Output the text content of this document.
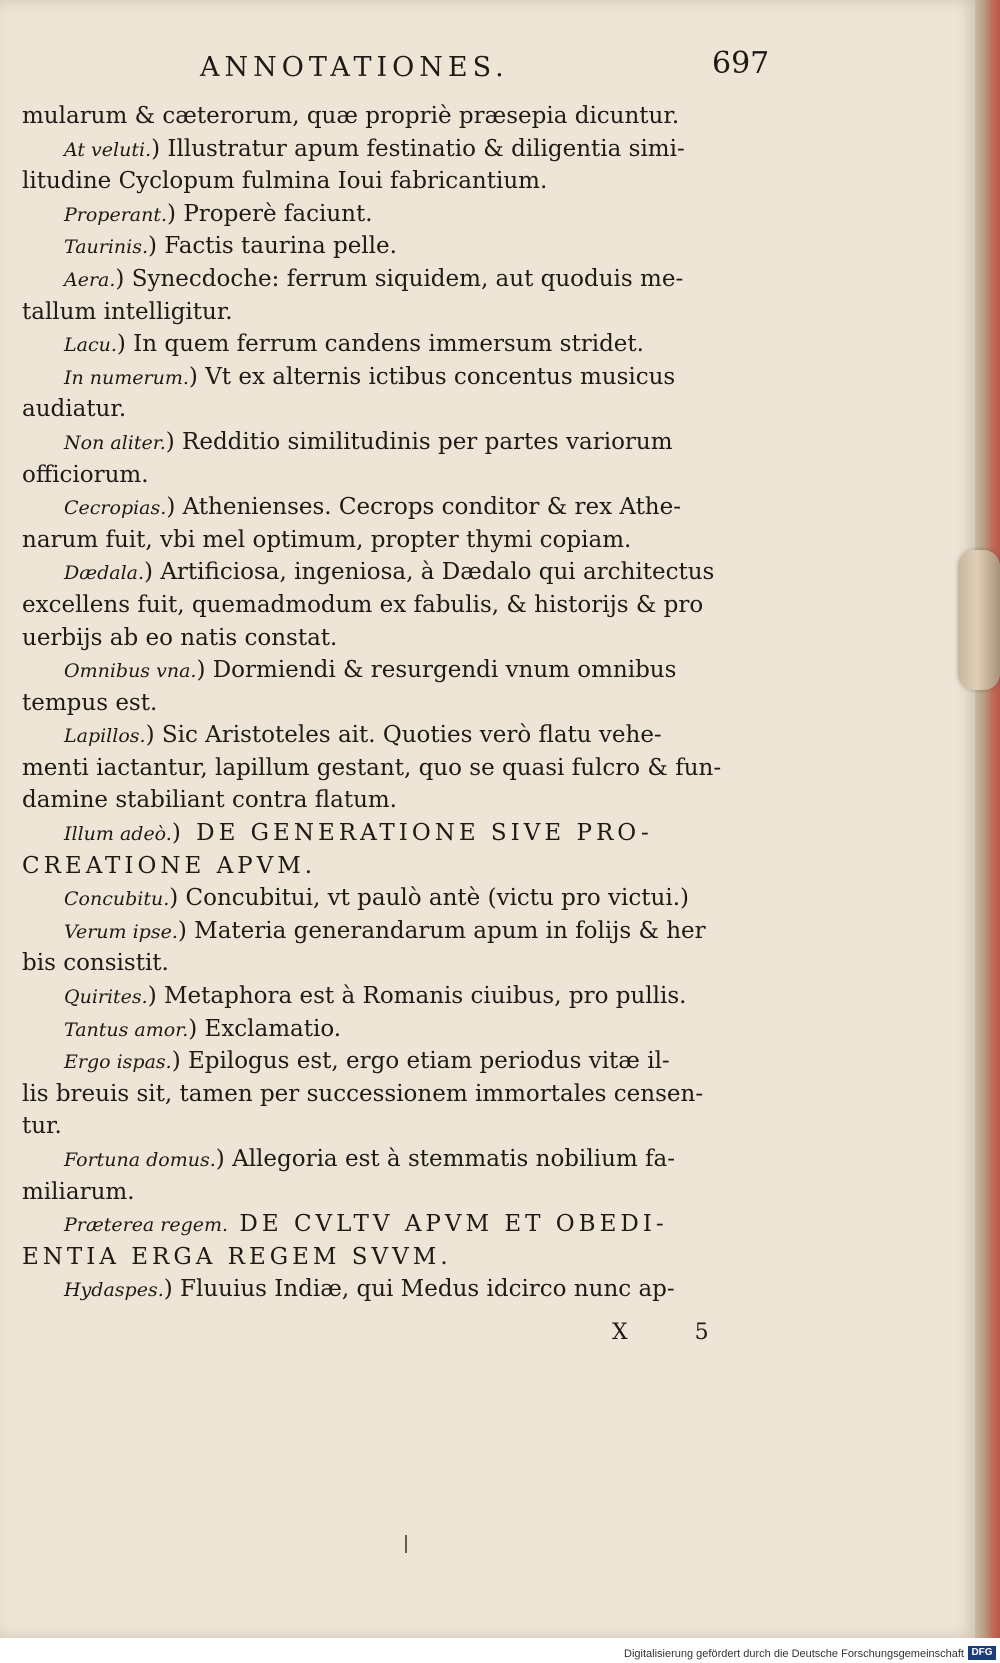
ANNOTATIONES.	697
mularum & cæterorum, quæ propriè præsepia dicuntur.
At veluti.) Illustratur apum festinatio & diligentia simi-
litudine Cyclopum fulmina Ioui fabricantium.
Properant.) Properè faciunt.
Taurinis.) Factis taurina pelle.
Aera.) Synecdoche: ferrum siquidem, aut quoduis me-
tallum intelligitur.
Lacu.) In quem ferrum candens immersum stridet.
In numerum.) Vt ex alternis ictibus concentus musicus
audiatur.
Non aliter.) Redditio similitudinis per partes variorum
officiorum.
Cecropias.) Athenienses. Cecrops conditor & rex Athe-
narum fuit, vbi mel optimum, propter thymi copiam.
Dædala.) Artificiosa, ingeniosa, à Dædalo qui architectus
excellens fuit, quemadmodum ex fabulis, & historijs & pro
uerbijs ab eo natis constat.
Omnibus vna.) Dormiendi & resurgendi vnum omnibus
tempus est.
Lapillos.) Sic Aristoteles ait. Quoties verò flatu vehe-
menti iactantur, lapillum gestant, quo se quasi fulcro & fun-
damine stabiliant contra flatum.
Illum adeò.) DE GENERATIONE SIVE PRO-
CREATIONE APVM.
Concubitu.) Concubitui, vt paulò antè (victu pro victui.)
Verum ipse.) Materia generandarum apum in folijs & her
bis consistit.
Quirites.) Metaphora est à Romanis ciuibus, pro pullis.
Tantus amor.) Exclamatio.
Ergo ispas.) Epilogus est, ergo etiam periodus vitæ il-
lis breuis sit, tamen per successionem immortales censen-
tur.
Fortuna domus.) Allegoria est à stemmatis nobilium fa-
miliarum.
Præterea regem. DE CVLTV APVM ET OBEDI-
ENTIA ERGA REGEM SVVM.
Hydaspes.) Fluuius Indiæ, qui Medus idcirco nunc ap-
X 5
Digitalisierung gefördert durch die Deutsche Forschungsgemeinschaft DFG
